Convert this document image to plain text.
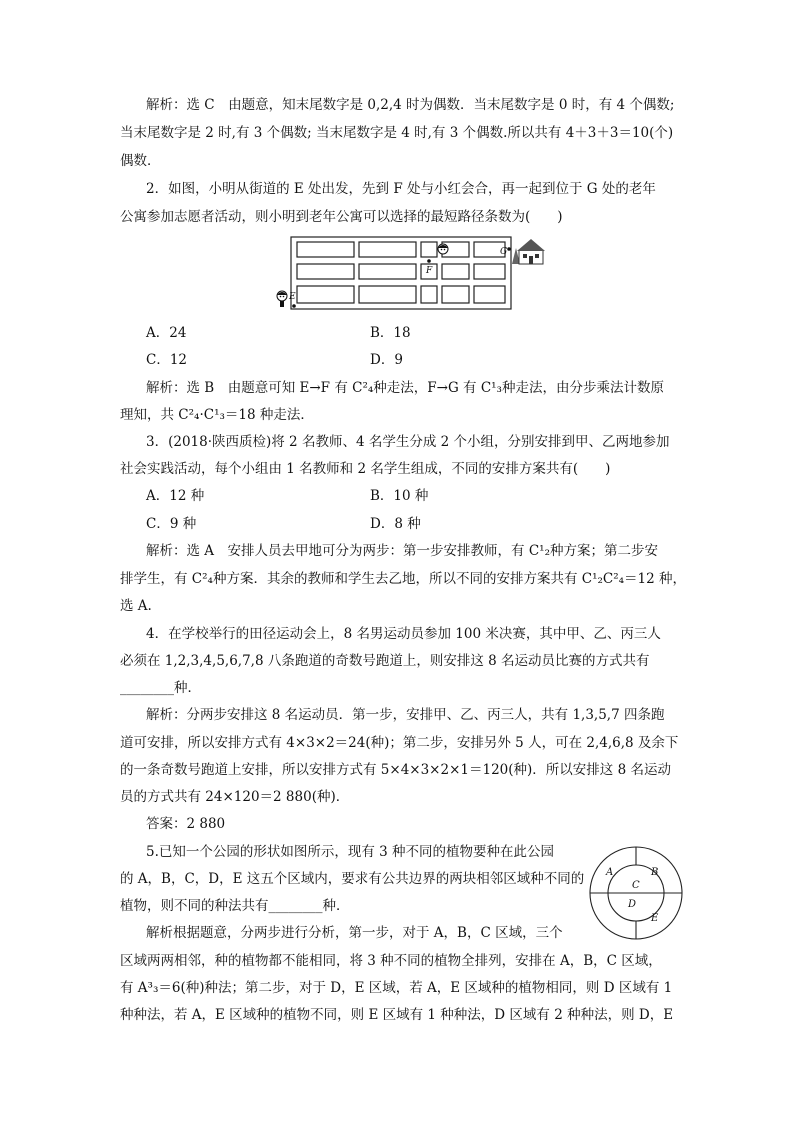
解析：选 C　由题意，知末尾数字是 0,2,4 时为偶数．当末尾数字是 0 时，有 4 个偶数;
当末尾数字是 2 时,有 3 个偶数; 当末尾数字是 4 时,有 3 个偶数.所以共有 4＋3＋3＝10(个)
偶数．
2．如图，小明从街道的 E 处出发，先到 F 处与小红会合，再一起到位于 G 处的老年
公寓参加志愿者活动，则小明到老年公寓可以选择的最短路径条数为(　　)
F
E
G
A．24	B．18
C．12	D．9
解析：选 B　由题意可知 E→F 有 C²₄种走法，F→G 有 C¹₃种走法，由分步乘法计数原
理知，共 C²₄·C¹₃＝18 种走法．
3．(2018·陕西质检)将 2 名教师、4 名学生分成 2 个小组，分别安排到甲、乙两地参加
社会实践活动，每个小组由 1 名教师和 2 名学生组成，不同的安排方案共有(　　)
A．12 种	B．10 种
C．9 种	D．8 种
解析：选 A　安排人员去甲地可分为两步：第一步安排教师，有 C¹₂种方案；第二步安
排学生，有 C²₄种方案．其余的教师和学生去乙地，所以不同的安排方案共有 C¹₂C²₄＝12 种，
选 A.
4．在学校举行的田径运动会上，8 名男运动员参加 100 米决赛，其中甲、乙、丙三人
必须在 1,2,3,4,5,6,7,8 八条跑道的奇数号跑道上，则安排这 8 名运动员比赛的方式共有
________种．
解析：分两步安排这 8 名运动员．第一步，安排甲、乙、丙三人，共有 1,3,5,7 四条跑
道可安排，所以安排方式有 4×3×2＝24(种)；第二步，安排另外 5 人，可在 2,4,6,8 及余下
的一条奇数号跑道上安排，所以安排方式有 5×4×3×2×1＝120(种)．所以安排这 8 名运动
员的方式共有 24×120＝2 880(种)．
答案：2 880
5.已知一个公园的形状如图所示，现有 3 种不同的植物要种在此公园
的 A，B，C，D，E 这五个区域内，要求有公共边界的两块相邻区域种不同的
植物，则不同的种法共有________种．
A	B
C
D
E
解析根据题意，分两步进行分析，第一步，对于 A，B，C 区域，三个
区域两两相邻，种的植物都不能相同，将 3 种不同的植物全排列，安排在 A，B，C 区域，
有 A³₃＝6(种)种法；第二步，对于 D，E 区域，若 A，E 区域种的植物相同，则 D 区域有 1
种种法，若 A，E 区域种的植物不同，则 E 区域有 1 种种法，D 区域有 2 种种法，则 D，E
